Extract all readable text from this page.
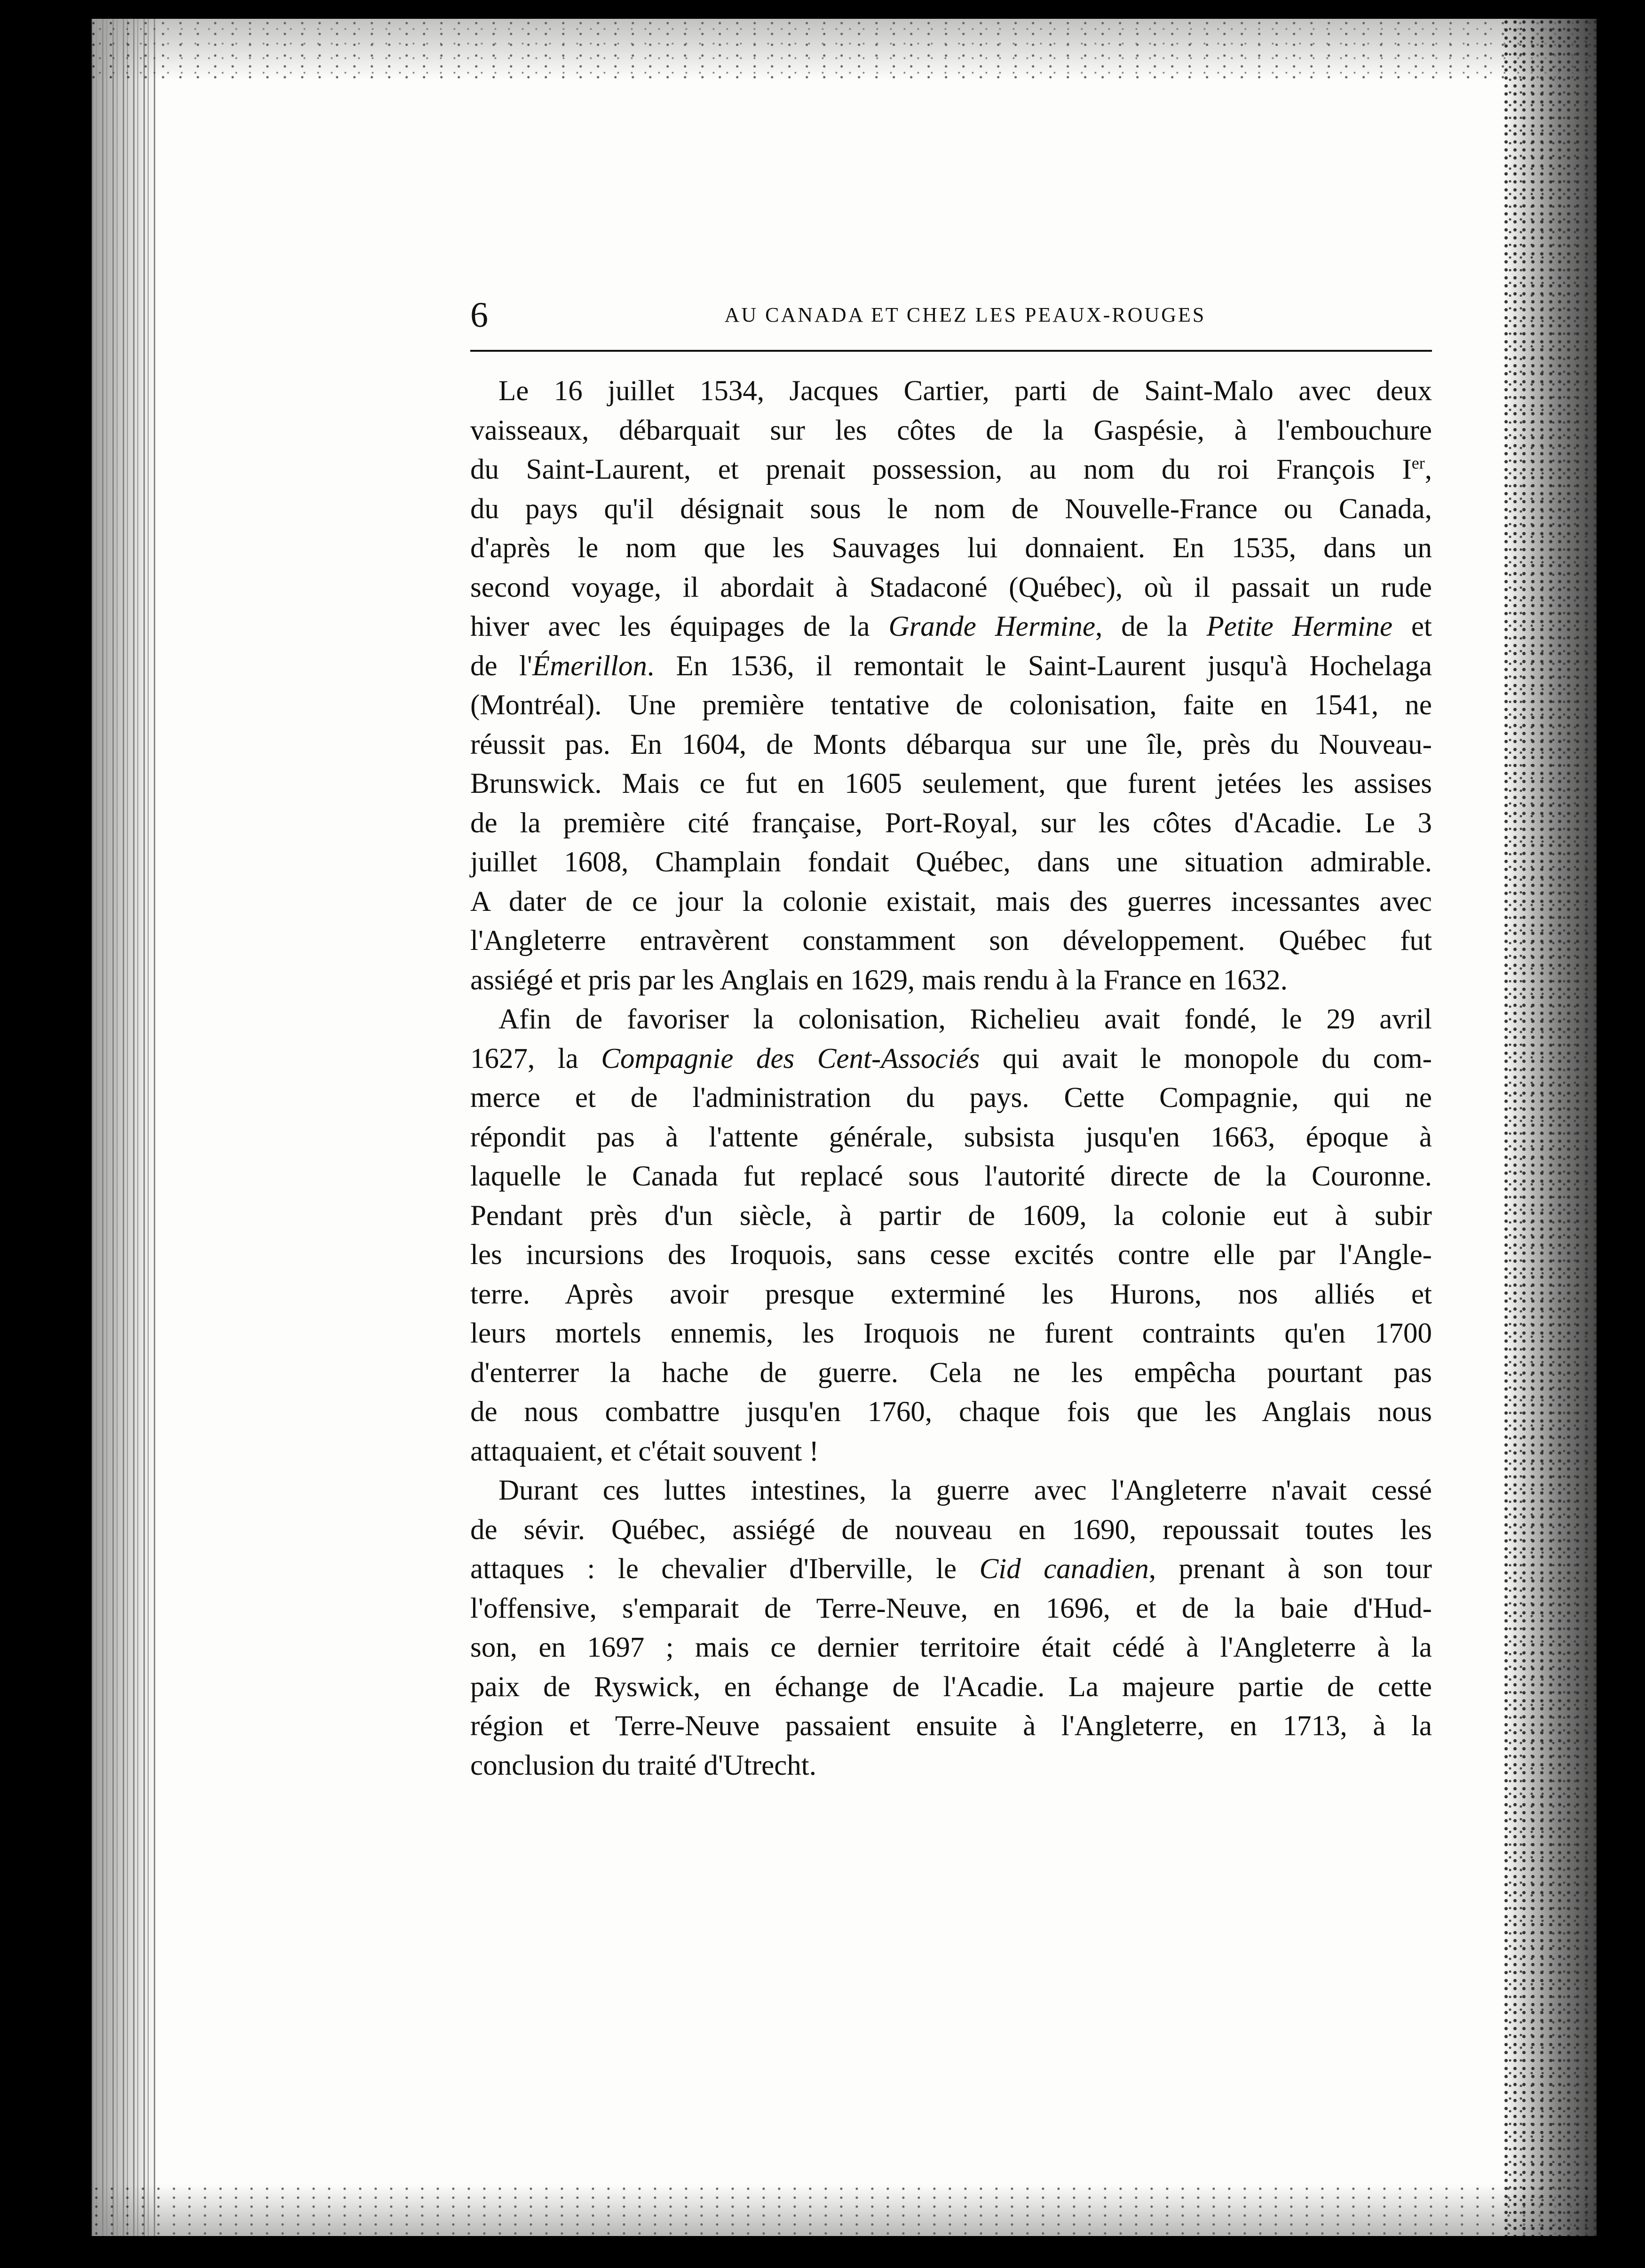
6	AU CANADA ET CHEZ LES PEAUX-ROUGES

Le 16 juillet 1534, Jacques Cartier, parti de Saint-Malo avec deux
vaisseaux, débarquait sur les côtes de la Gaspésie, à l'embouchure
du Saint-Laurent, et prenait possession, au nom du roi François Ier,
du pays qu'il désignait sous le nom de Nouvelle-France ou Canada,
d'après le nom que les Sauvages lui donnaient. En 1535, dans un
second voyage, il abordait à Stadaconé (Québec), où il passait un rude
hiver avec les équipages de la Grande Hermine, de la Petite Hermine et
de l'Émerillon. En 1536, il remontait le Saint-Laurent jusqu'à Hochelaga
(Montréal). Une première tentative de colonisation, faite en 1541, ne
réussit pas. En 1604, de Monts débarqua sur une île, près du Nouveau-
Brunswick. Mais ce fut en 1605 seulement, que furent jetées les assises
de la première cité française, Port-Royal, sur les côtes d'Acadie. Le 3
juillet 1608, Champlain fondait Québec, dans une situation admirable.
A dater de ce jour la colonie existait, mais des guerres incessantes avec
l'Angleterre entravèrent constamment son développement. Québec fut
assiégé et pris par les Anglais en 1629, mais rendu à la France en 1632.

Afin de favoriser la colonisation, Richelieu avait fondé, le 29 avril
1627, la Compagnie des Cent-Associés qui avait le monopole du com-
merce et de l'administration du pays. Cette Compagnie, qui ne
répondit pas à l'attente générale, subsista jusqu'en 1663, époque à
laquelle le Canada fut replacé sous l'autorité directe de la Couronne.
Pendant près d'un siècle, à partir de 1609, la colonie eut à subir
les incursions des Iroquois, sans cesse excités contre elle par l'Angle-
terre. Après avoir presque exterminé les Hurons, nos alliés et
leurs mortels ennemis, les Iroquois ne furent contraints qu'en 1700
d'enterrer la hache de guerre. Cela ne les empêcha pourtant pas
de nous combattre jusqu'en 1760, chaque fois que les Anglais nous
attaquaient, et c'était souvent !

Durant ces luttes intestines, la guerre avec l'Angleterre n'avait cessé
de sévir. Québec, assiégé de nouveau en 1690, repoussait toutes les
attaques : le chevalier d'Iberville, le Cid canadien, prenant à son tour
l'offensive, s'emparait de Terre-Neuve, en 1696, et de la baie d'Hud-
son, en 1697 ; mais ce dernier territoire était cédé à l'Angleterre à la
paix de Ryswick, en échange de l'Acadie. La majeure partie de cette
région et Terre-Neuve passaient ensuite à l'Angleterre, en 1713, à la
conclusion du traité d'Utrecht.
